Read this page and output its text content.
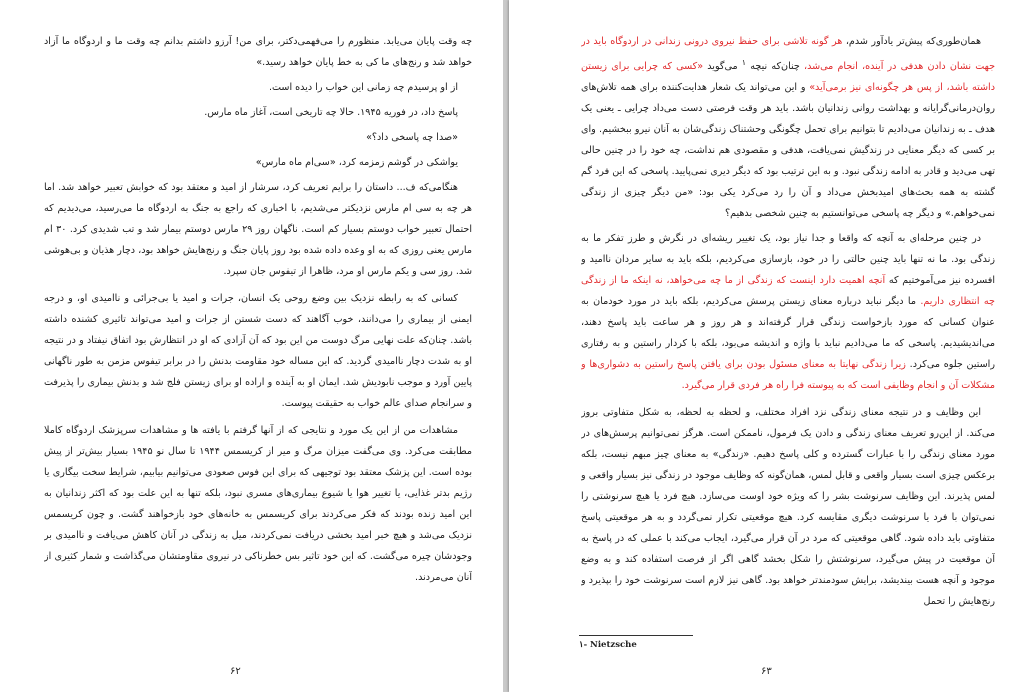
چه وقت پایان می‌یابد. منظورم را می‌فهمی‌دکتر، برای من! آرزو داشتم بدانم چه وقت ما و اردوگاه ما آزاد خواهد شد و رنج‌های ما کی به خط پایان خواهد رسید.»

از او پرسیدم چه زمانی این خواب را دیده است.

پاسخ داد، در فوریه ۱۹۴۵. حالا چه تاریخی است، آغاز ماه مارس.

«صدا چه پاسخی داد؟»

یواشکی در گوشم زمزمه کرد، «سی‌ام ماه مارس»

هنگامی‌که ف... داستان را برایم تعریف کرد، سرشار از امید و معتقد بود که خوابش تعبیر خواهد شد. اما هر چه به سی ام مارس نزدیکتر می‌شدیم، با اخباری که راجع به جنگ به اردوگاه ما می‌رسید، می‌دیدیم که احتمال تعبیر خواب دوستم بسیار کم است. ناگهان روز ۲۹ مارس دوستم بیمار شد و تب شدیدی کرد. ۳۰ ام مارس یعنی روزی که به او وعده داده شده بود روز پایان جنگ و رنج‌هایش خواهد بود، دچار هذیان و بی‌هوشی شد. روز سی و یکم مارس او مرد، ظاهرا از تیفوس جان سپرد.

کسانی که به رابطه نزدیک بین وضع روحی یک انسان، جرات و امید یا بی‌جرائی و ناامیدی او، و درجه ایمنی از بیماری را می‌دانند، خوب آگاهند که دست شستن از جرات و امید می‌تواند تاثیری کشنده داشته باشد. چنان‌که علت نهایی مرگ دوست من این بود که آن آزادی که او در انتظارش بود اتفاق نیفتاد و در نتیجه او به شدت دچار ناامیدی گردید. که این مساله خود مقاومت بدنش را در برابر تیفوس مزمن به طور ناگهانی پایین آورد و موجب نابودیش شد. ایمان او به آینده و اراده او برای زیستن فلج شد و بدنش بیماری را پذیرفت و سرانجام صدای عالم خواب به حقیقت پیوست.

مشاهدات من از این یک مورد و نتایجی که از آنها گرفتم با یافته ها و مشاهدات سرپزشک اردوگاه کاملا مطابقت می‌کرد. وی می‌گفت میزان مرگ و میر از کریسمس ۱۹۴۴ تا سال نو ۱۹۴۵ بسیار بیش‌تر از پیش بوده است. این پزشک معتقد بود توجیهی که برای این فوس صعودی می‌توانیم بیابیم، شرایط سخت بیگاری یا رژیم بدتر غذایی، یا تغییر هوا یا شیوع بیماری‌های مسری نبود، بلکه تنها به این علت بود که اکثر زندانیان به این امید زنده بودند که فکر می‌کردند برای کریسمس به خانه‌های خود بازخواهند گشت. و چون کریسمس نزدیک می‌شد و هیچ خبر امید بخشی دریافت نمی‌کردند، میل به زندگی در آنان کاهش می‌یافت و ناامیدی بر وجودشان چیره می‌گشت. که این خود تاثیر بس خطرناکی در نیروی مقاومتشان می‌گذاشت و شمار کثیری از آنان می‌مردند.

۶۲

همان‌طوری‌که پیش‌تر یادآور شدم، هر گونه تلاشی برای حفظ نیروی درونی زندانی در اردوگاه باید در جهت نشان دادن هدفی در آینده، انجام می‌شد، چنان‌که نیچه $^۱$ می‌گوید «کسی که چرایی برای زیستن داشته باشد، از پس هر چگونه‌ای نیز برمی‌آید» و این می‌تواند یک شعار هدایت‌کننده برای همه تلاش‌های روان‌درمانی‌گرایانه و بهداشت روانی زندانیان باشد. باید هر وقت فرصتی دست می‌داد چرایی ـ یعنی یک هدف ـ به زندانیان می‌دادیم تا بتوانیم برای تحمل چگونگی وحشتناک زندگی‌شان به آنان نیرو ببخشیم. وای بر کسی که دیگر معنایی در زندگیش نمی‌یافت، هدفی و مقصودی هم نداشت، چه خود را در چنین حالی تهی می‌دید و قادر به ادامه زندگی نبود. و به این ترتیب بود که دیگر دیری نمی‌پایید. پاسخی که این فرد گم گشته به همه بحث‌های امیدبخش می‌داد و آن را رد می‌کرد یکی بود: «من دیگر چیزی از زندگی نمی‌خواهم.» و دیگر چه پاسخی می‌توانستیم به چنین شخصی بدهیم؟

در چنین مرحله‌ای به آنچه که واقعا و جدا نیاز بود، یک تغییر ریشه‌ای در نگرش و طرز تفکر ما به زندگی بود. ما نه تنها باید چنین حالتی را در خود، بازسازی می‌کردیم، بلکه باید به سایر مردان ناامید و افسرده نیز می‌آموختیم که آنچه اهمیت دارد اینست که زندگی از ما چه می‌خواهد، نه اینکه ما از زندگی چه انتظاری داریم. ما دیگر نباید درباره معنای زیستن پرسش می‌کردیم، بلکه باید در مورد خودمان به عنوان کسانی که مورد بازخواست زندگی قرار گرفته‌اند و هر روز و هر ساعت باید پاسخ دهند، می‌اندیشیدیم. پاسخی که ما می‌دادیم نباید با واژه و اندیشه می‌بود، بلکه با کردار راستین و به رفتاری راستین جلوه می‌کرد. زیرا زندگی نهایتا به معنای مسئول بودن برای یافتن پاسخ راستین به دشواری‌ها و مشکلات آن و انجام وظایفی است که به پیوسته فرا راه هر فردی قرار می‌گیرد.

این وظایف و در نتیجه معنای زندگی نزد افراد مختلف، و لحظه به لحظه، به شکل متفاوتی بروز می‌کند. از این‌رو تعریف معنای زندگی و دادن یک فرمول، ناممکن است. هرگز نمی‌توانیم پرسش‌های در مورد معنای زندگی را با عبارات گسترده و کلی پاسخ دهیم. «زندگی» به معنای چیز مبهم نیست، بلکه برعکس چیزی است بسیار واقعی و قابل لمس، همان‌گونه که وظایف موجود در زندگی نیز بسیار واقعی و لمس پذیرند. این وظایف سرنوشت بشر را که ویژه خود اوست می‌سازد. هیچ فرد یا هیچ سرنوشتی را نمی‌توان با فرد یا سرنوشت دیگری مقایسه کرد. هیچ موقعیتی تکرار نمی‌گردد و به هر موقعیتی پاسخ متفاوتی باید داده شود. گاهی موقعیتی که مرد در آن قرار می‌گیرد، ایجاب می‌کند با عملی که در پاسخ به آن موقعیت در پیش می‌گیرد، سرنوشتش را شکل بخشد گاهی اگر از فرصت استفاده کند و به وضع موجود و آنچه هست بیندیشد، برایش سودمندتر خواهد بود. گاهی نیز لازم است سرنوشت خود را بپذیرد و رنج‌هایش را تحمل

۱- Nietzsche
۶۳
